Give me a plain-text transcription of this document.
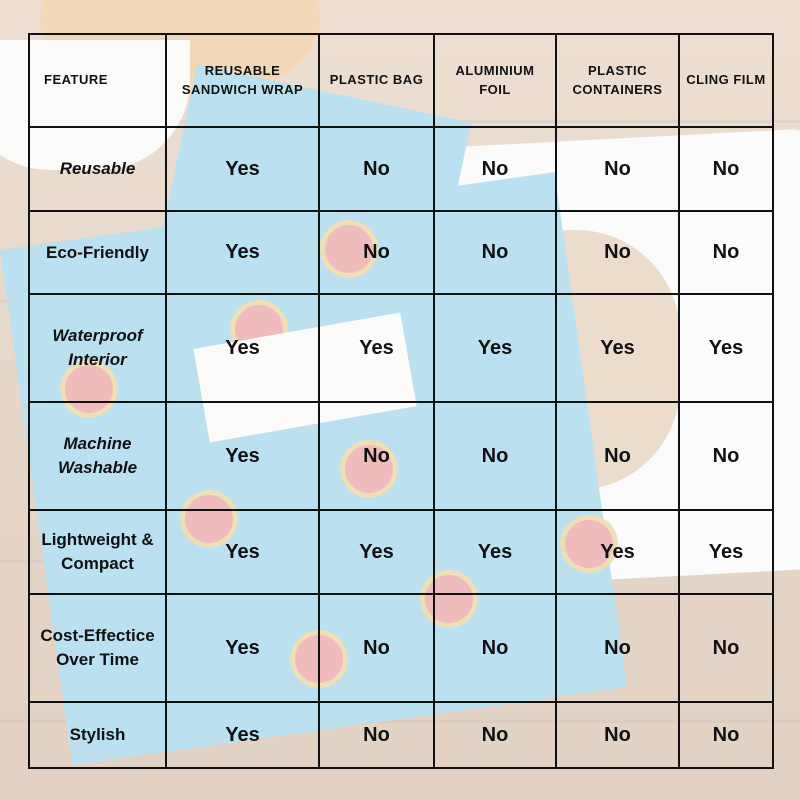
FEATURE	REUSABLE SANDWICH WRAP	PLASTIC BAG	ALUMINIUM FOIL	PLASTIC CONTAINERS	CLING FILM
Reusable	Yes	No	No	No	No
Eco-Friendly	Yes	No	No	No	No
Waterproof Interior	Yes	Yes	Yes	Yes	Yes
Machine Washable	Yes	No	No	No	No
Lightweight & Compact	Yes	Yes	Yes	Yes	Yes
Cost-Effectice Over Time	Yes	No	No	No	No
Stylish	Yes	No	No	No	No
